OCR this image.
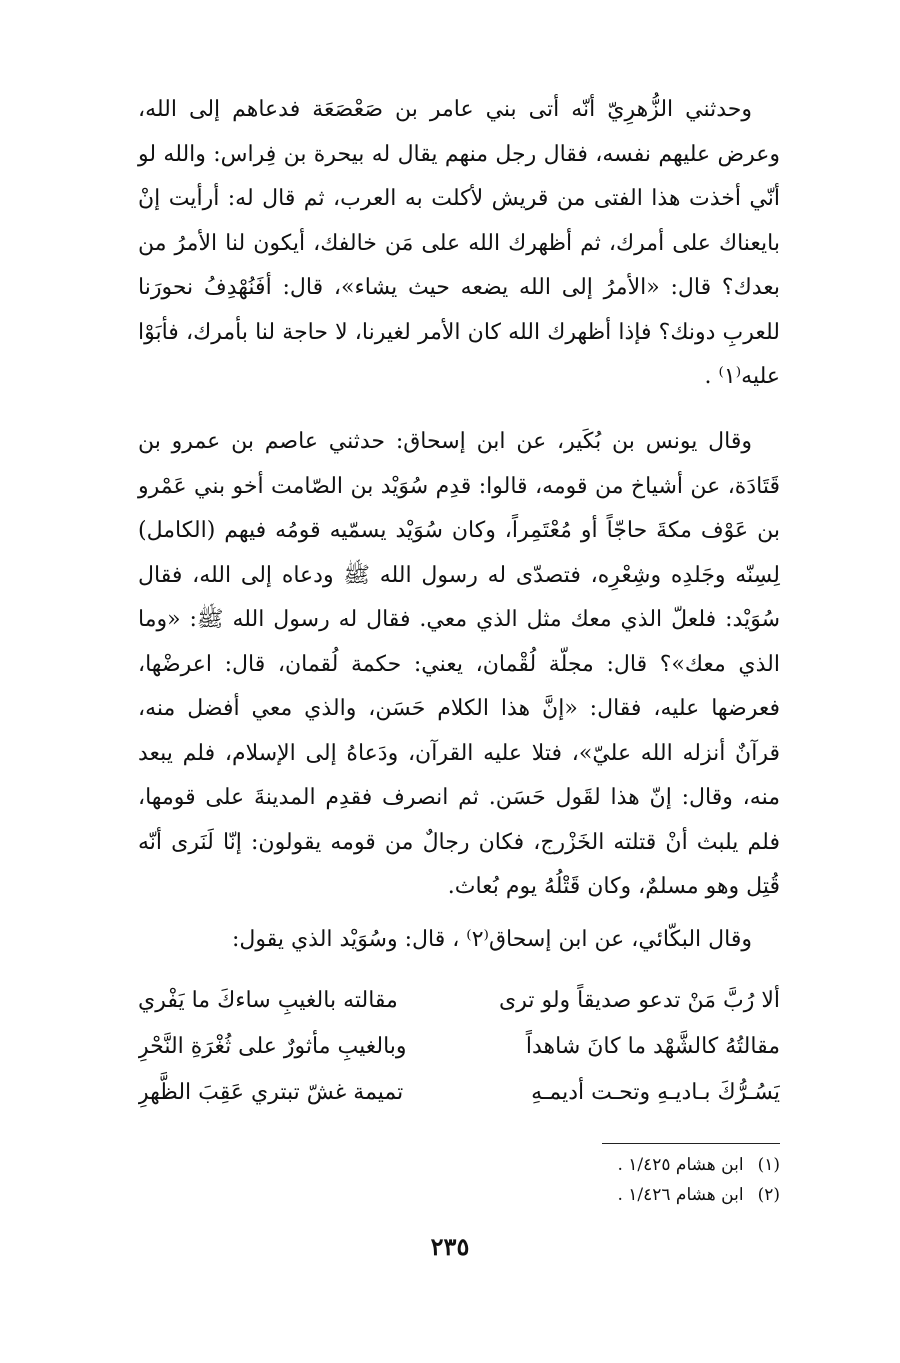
وحدثني الزُّهرِيّ أنّه أتى بني عامر بن صَعْصَعَة فدعاهم إلى الله، وعرض عليهم نفسه، فقال رجل منهم يقال له بيحرة بن فِراس: والله لو أنّي أخذت هذا الفتى من قريش لأكلت به العرب، ثم قال له: أرأيت إنْ بايعناك على أمرك، ثم أظهرك الله على مَن خالفك، أيكون لنا الأمرُ من بعدك؟ قال: «الأمرُ إلى الله يضعه حيث يشاء»، قال: أفَنُهْدِفُ نحورَنا للعربِ دونك؟ فإذا أظهرك الله كان الأمر لغيرنا، لا حاجة لنا بأمرك، فأبَوْا عليه⁽١⁾ .

وقال يونس بن بُكَير، عن ابن إسحاق: حدثني عاصم بن عمرو بن قَتَادَة، عن أشياخ من قومه، قالوا: قدِم سُوَيْد بن الصّامت أخو بني عَمْرو بن عَوْف مكةَ حاجّاً أو مُعْتَمِراً، وكان سُوَيْد يسمّيه قومُه فيهم (الكامل) لِسِنّه وجَلدِه وشِعْرِه، فتصدّى له رسول الله ﷺ ودعاه إلى الله، فقال سُوَيْد: فلعلّ الذي معك مثل الذي معي. فقال له رسول الله ﷺ: «وما الذي معك»؟ قال: مجلّة لُقْمان، يعني: حكمة لُقمان، قال: اعرضْها، فعرضها عليه، فقال: «إنَّ هذا الكلام حَسَن، والذي معي أفضل منه، قرآنٌ أنزله الله عليّ»، فتلا عليه القرآن، ودَعاهُ إلى الإسلام، فلم يبعد منه، وقال: إنّ هذا لقَول حَسَن. ثم انصرف فقدِم المدينةَ على قومها، فلم يلبث أنْ قتلته الخَزْرج، فكان رجالٌ من قومه يقولون: إنّا لَنَرى أنّه قُتِل وهو مسلمٌ، وكان قَتْلُهُ يوم بُعاث.

وقال البكّائي، عن ابن إسحاق⁽٢⁾ ، قال: وسُوَيْد الذي يقول:

ألا رُبَّ مَنْ تدعو صديقاً ولو ترى
مقالته بالغيبِ ساءكَ ما يَفْري
مقالتُهُ كالشَّهْد ما كانَ شاهداً
وبالغيبِ مأثورٌ على ثُغْرَةِ النَّحْرِ
يَسُـرُّكَ بـاديـهِ وتحـت أديمـهِ
تميمة غشّ تبتري عَقِبَ الظَّهرِ
(١)
ابن هشام ١/٤٢٥ .
(٢)
ابن هشام ١/٤٢٦ .
٢٣٥
